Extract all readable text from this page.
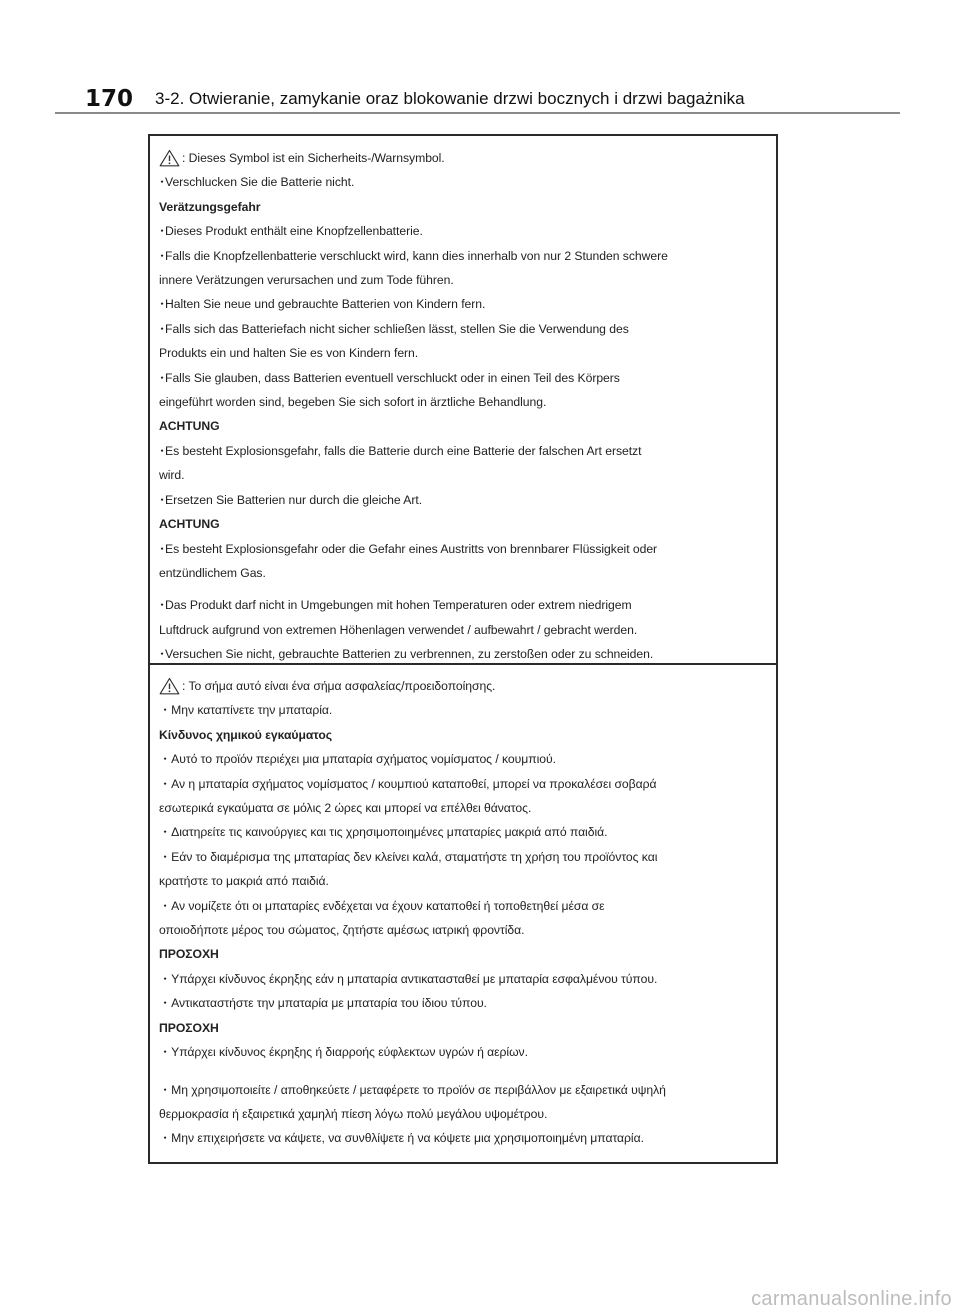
170	3-2. Otwieranie, zamykanie oraz blokowanie drzwi bocznych i drzwi bagażnika
: Dieses Symbol ist ein Sicherheits-/Warnsymbol.
･Verschlucken Sie die Batterie nicht.
Verätzungsgefahr
･Dieses Produkt enthält eine Knopfzellenbatterie.
･Falls die Knopfzellenbatterie verschluckt wird, kann dies innerhalb von nur 2 Stunden schwere
innere Verätzungen verursachen und zum Tode führen.
･Halten Sie neue und gebrauchte Batterien von Kindern fern.
･Falls sich das Batteriefach nicht sicher schließen lässt, stellen Sie die Verwendung des
Produkts ein und halten Sie es von Kindern fern.
･Falls Sie glauben, dass Batterien eventuell verschluckt oder in einen Teil des Körpers
eingeführt worden sind, begeben Sie sich sofort in ärztliche Behandlung.
ACHTUNG
･Es besteht Explosionsgefahr, falls die Batterie durch eine Batterie der falschen Art ersetzt
wird.
･Ersetzen Sie Batterien nur durch die gleiche Art.
ACHTUNG
･Es besteht Explosionsgefahr oder die Gefahr eines Austritts von brennbarer Flüssigkeit oder
entzündlichem Gas.
･Das Produkt darf nicht in Umgebungen mit hohen Temperaturen oder extrem niedrigem
Luftdruck aufgrund von extremen Höhenlagen verwendet / aufbewahrt / gebracht werden.
･Versuchen Sie nicht, gebrauchte Batterien zu verbrennen, zu zerstoßen oder zu schneiden.
: Το σήμα αυτό είναι ένα σήμα ασφαλείας/προειδοποίησης.
・Μην καταπίνετε την μπαταρία.
Κίνδυνος χημικού εγκαύματος
・Αυτό το προϊόν περιέχει μια μπαταρία σχήματος νομίσματος / κουμπιού.
・Αν η μπαταρία σχήματος νομίσματος / κουμπιού καταποθεί, μπορεί να προκαλέσει σοβαρά
εσωτερικά εγκαύματα σε μόλις 2 ώρες και μπορεί να επέλθει θάνατος.
・Διατηρείτε τις καινούργιες και τις χρησιμοποιημένες μπαταρίες μακριά από παιδιά.
・Εάν το διαμέρισμα της μπαταρίας δεν κλείνει καλά, σταματήστε τη χρήση του προϊόντος και
κρατήστε το μακριά από παιδιά.
・Αν νομίζετε ότι οι μπαταρίες ενδέχεται να έχουν καταποθεί ή τοποθετηθεί μέσα σε
οποιοδήποτε μέρος του σώματος, ζητήστε αμέσως ιατρική φροντίδα.
ΠΡΟΣΟΧΗ
・Υπάρχει κίνδυνος έκρηξης εάν η μπαταρία αντικατασταθεί με μπαταρία εσφαλμένου τύπου.
・Αντικαταστήστε την μπαταρία με μπαταρία του ίδιου τύπου.
ΠΡΟΣΟΧΗ
・Υπάρχει κίνδυνος έκρηξης ή διαρροής εύφλεκτων υγρών ή αερίων.
・Μη χρησιμοποιείτε / αποθηκεύετε / μεταφέρετε το προϊόν σε περιβάλλον με εξαιρετικά υψηλή
θερμοκρασία ή εξαιρετικά χαμηλή πίεση λόγω πολύ μεγάλου υψομέτρου.
・Μην επιχειρήσετε να κάψετε, να συνθλίψετε ή να κόψετε μια χρησιμοποιημένη μπαταρία.
carmanualsonline.info
